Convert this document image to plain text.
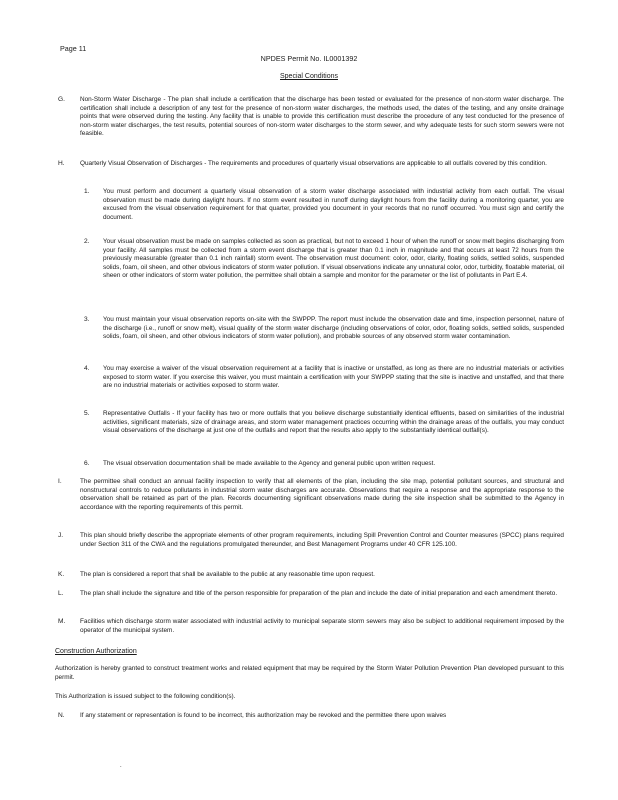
Page 11
NPDES Permit No. IL0001392
Special Conditions
G. Non-Storm Water Discharge - The plan shall include a certification that the discharge has been tested or evaluated for the presence of non-storm water discharge. The certification shall include a description of any test for the presence of non-storm water discharges, the methods used, the dates of the testing, and any onsite drainage points that were observed during the testing. Any facility that is unable to provide this certification must describe the procedure of any test conducted for the presence of non-storm water discharges, the test results, potential sources of non-storm water discharges to the storm sewer, and why adequate tests for such storm sewers were not feasible.
H. Quarterly Visual Observation of Discharges - The requirements and procedures of quarterly visual observations are applicable to all outfalls covered by this condition.
1. You must perform and document a quarterly visual observation of a storm water discharge associated with industrial activity from each outfall. The visual observation must be made during daylight hours. If no storm event resulted in runoff during daylight hours from the facility during a monitoring quarter, you are excused from the visual observation requirement for that quarter, provided you document in your records that no runoff occurred. You must sign and certify the document.
2. Your visual observation must be made on samples collected as soon as practical, but not to exceed 1 hour of when the runoff or snow melt begins discharging from your facility. All samples must be collected from a storm event discharge that is greater than 0.1 inch in magnitude and that occurs at least 72 hours from the previously measurable (greater than 0.1 inch rainfall) storm event. The observation must document: color, odor, clarity, floating solids, settled solids, suspended solids, foam, oil sheen, and other obvious indicators of storm water pollution. If visual observations indicate any unnatural color, odor, turbidity, floatable material, oil sheen or other indicators of storm water pollution, the permittee shall obtain a sample and monitor for the parameter or the list of pollutants in Part E.4.
3. You must maintain your visual observation reports on-site with the SWPPP. The report must include the observation date and time, inspection personnel, nature of the discharge (i.e., runoff or snow melt), visual quality of the storm water discharge (including observations of color, odor, floating solids, settled solids, suspended solids, foam, oil sheen, and other obvious indicators of storm water pollution), and probable sources of any observed storm water contamination.
4. You may exercise a waiver of the visual observation requirement at a facility that is inactive or unstaffed, as long as there are no industrial materials or activities exposed to storm water. If you exercise this waiver, you must maintain a certification with your SWPPP stating that the site is inactive and unstaffed, and that there are no industrial materials or activities exposed to storm water.
5. Representative Outfalls - If your facility has two or more outfalls that you believe discharge substantially identical effluents, based on similarities of the industrial activities, significant materials, size of drainage areas, and storm water management practices occurring within the drainage areas of the outfalls, you may conduct visual observations of the discharge at just one of the outfalls and report that the results also apply to the substantially identical outfall(s).
6. The visual observation documentation shall be made available to the Agency and general public upon written request.
I.	The permittee shall conduct an annual facility inspection to verify that all elements of the plan, including the site map, potential pollutant sources, and structural and nonstructural controls to reduce pollutants in industrial storm water discharges are accurate. Observations that require a response and the appropriate response to the observation shall be retained as part of the plan. Records documenting significant observations made during the site inspection shall be submitted to the Agency in accordance with the reporting requirements of this permit.
J.	This plan should briefly describe the appropriate elements of other program requirements, including Spill Prevention Control and Counter measures (SPCC) plans required under Section 311 of the CWA and the regulations promulgated thereunder, and Best Management Programs under 40 CFR 125.100.
K. The plan is considered a report that shall be available to the public at any reasonable time upon request.
L.	The plan shall include the signature and title of the person responsible for preparation of the plan and include the date of initial preparation and each amendment thereto.
M. Facilities which discharge storm water associated with industrial activity to municipal separate storm sewers may also be subject to additional requirement imposed by the operator of the municipal system.
Construction Authorization
Authorization is hereby granted to construct treatment works and related equipment that may be required by the Storm Water Pollution Prevention Plan developed pursuant to this permit.
This Authorization is issued subject to the following condition(s).
N. If any statement or representation is found to be incorrect, this authorization may be revoked and the permittee there upon waives
.
